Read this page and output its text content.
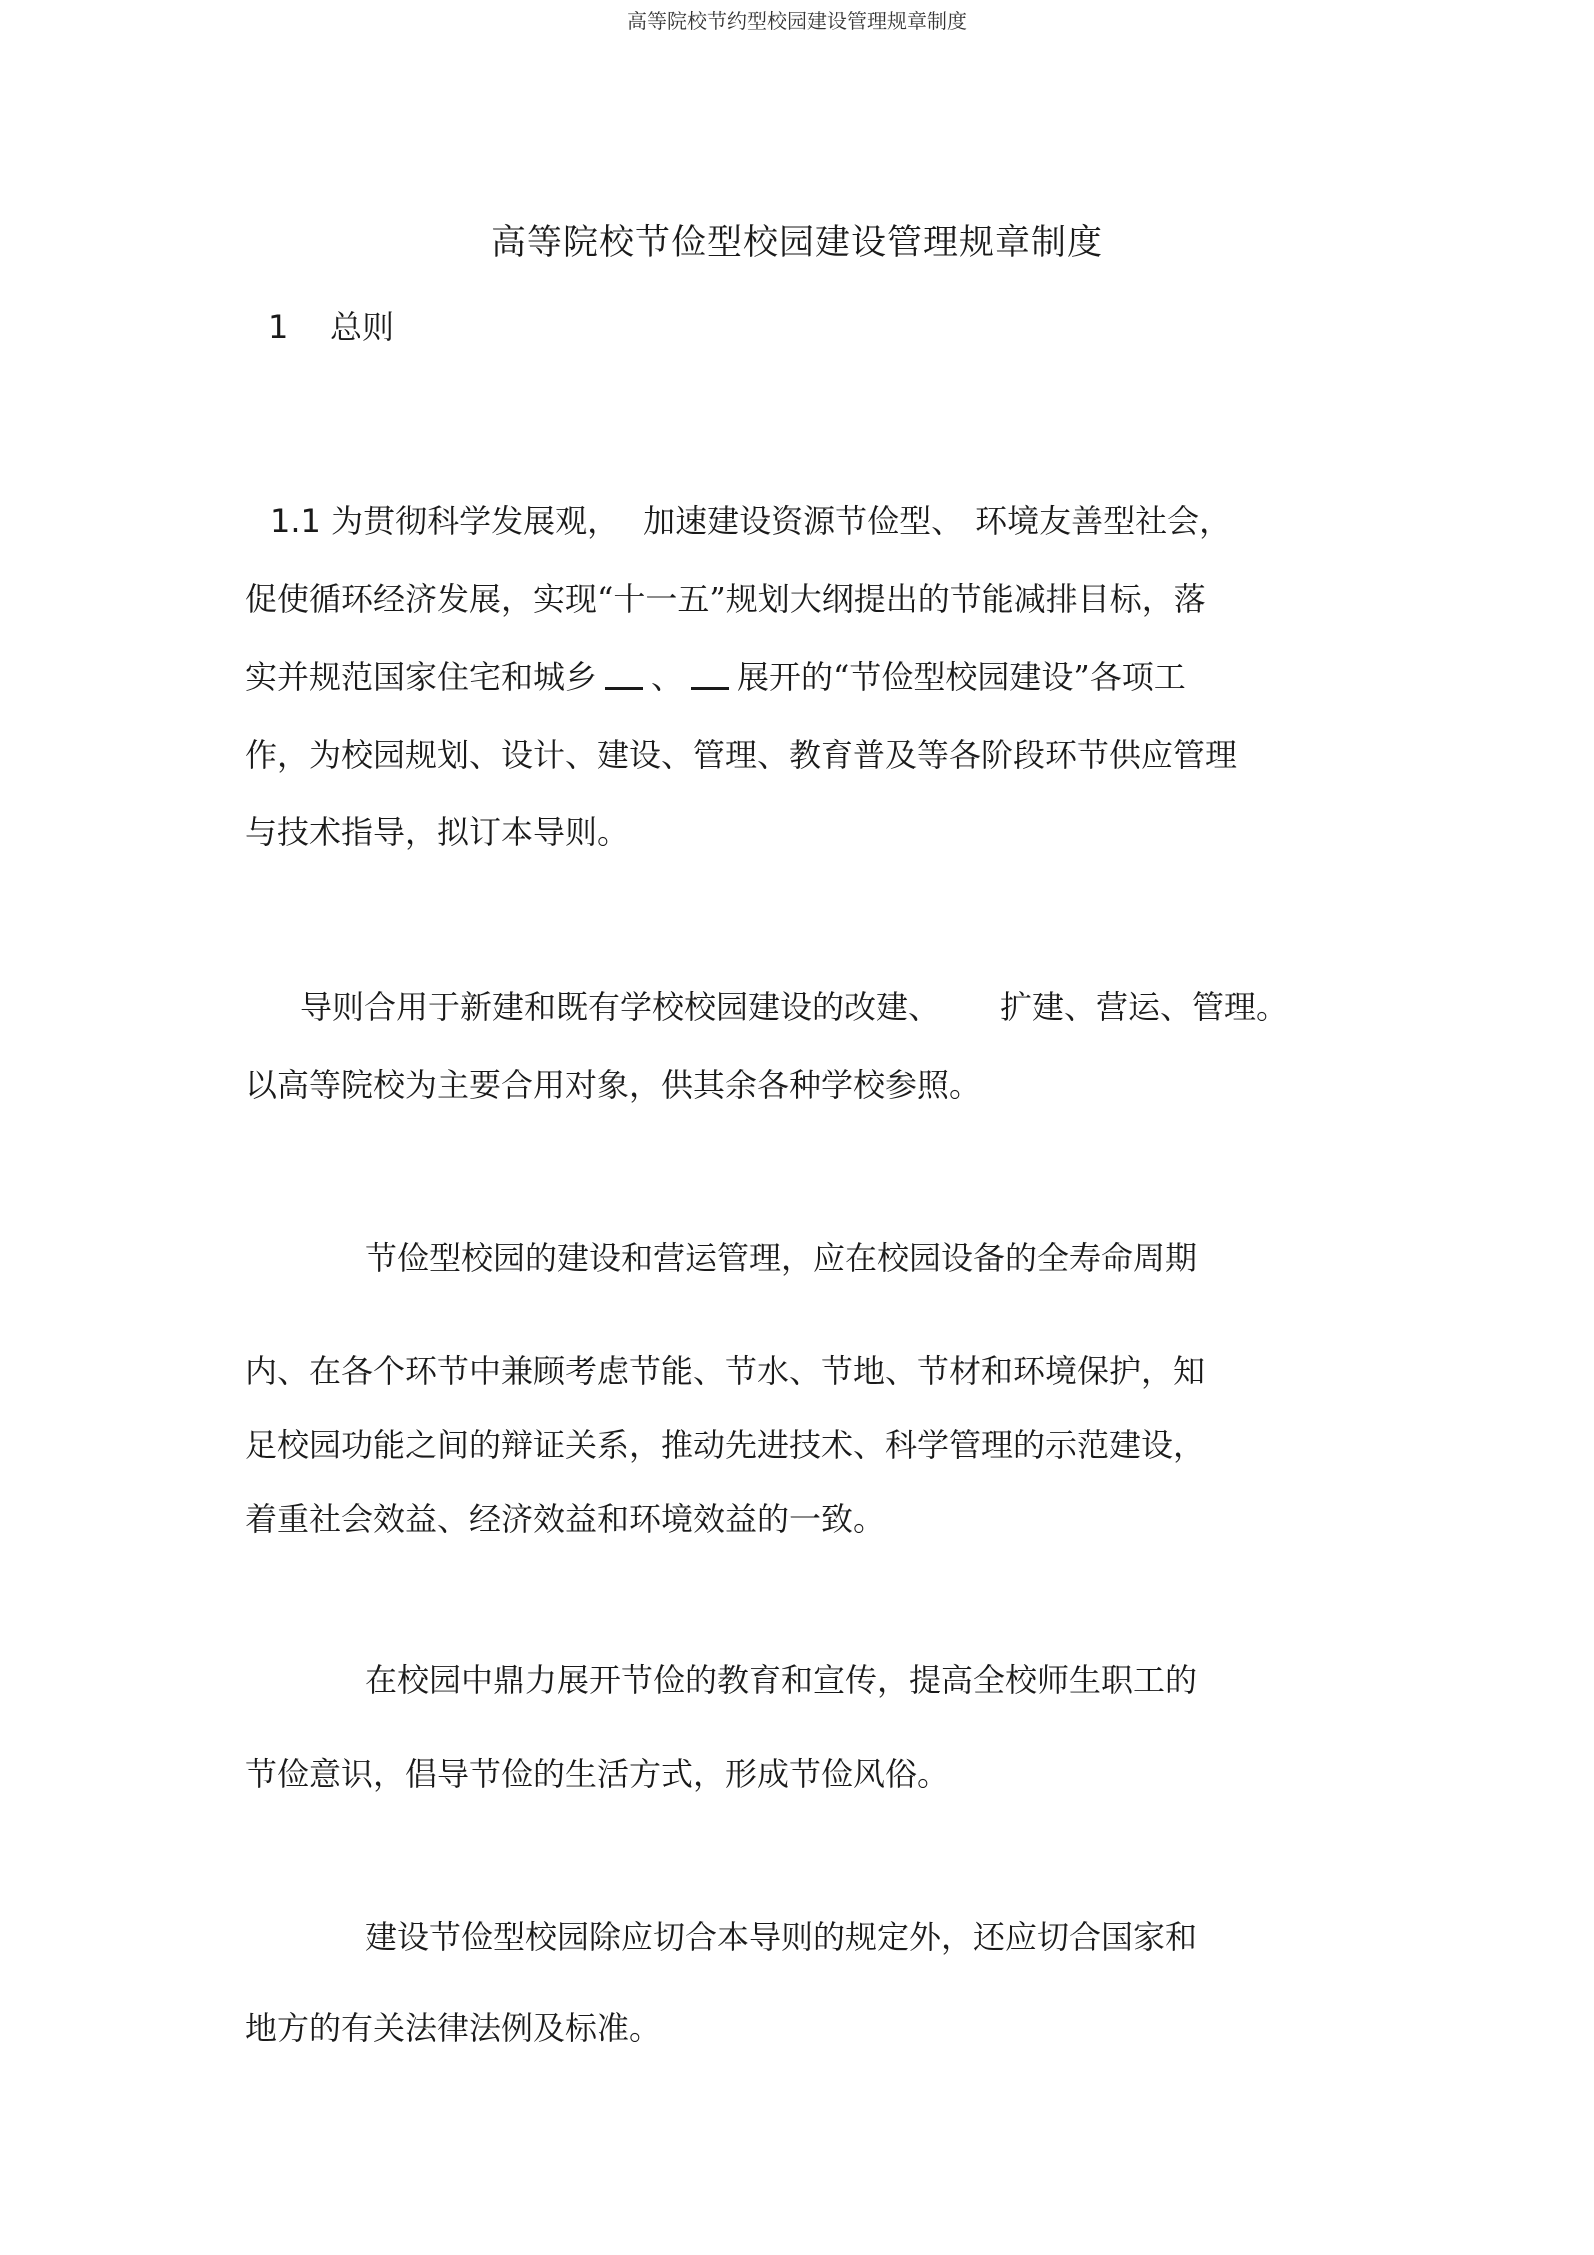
高等院校节约型校园建设管理规章制度
高等院校节俭型校园建设管理规章制度
1 总则
1.1 为贯彻科学发展观， 加速建设资源节俭型、 环境友善型社会，
促使循环经济发展，实现“十一五”规划大纲提出的节能减排目标，落
实并规范国家住宅和城乡 、 展开的“节俭型校园建设”各项工
作，为校园规划、设计、建设、管理、教育普及等各阶段环节供应管理
与技术指导，拟订本导则。
导则合用于新建和既有学校校园建设的改建、 扩建、营运、管理。
以高等院校为主要合用对象，供其余各种学校参照。
节俭型校园的建设和营运管理，应在校园设备的全寿命周期
内、在各个环节中兼顾考虑节能、节水、节地、节材和环境保护，知
足校园功能之间的辩证关系，推动先进技术、科学管理的示范建设，
着重社会效益、经济效益和环境效益的一致。
在校园中鼎力展开节俭的教育和宣传，提高全校师生职工的
节俭意识，倡导节俭的生活方式，形成节俭风俗。
建设节俭型校园除应切合本导则的规定外，还应切合国家和
地方的有关法律法例及标准。
